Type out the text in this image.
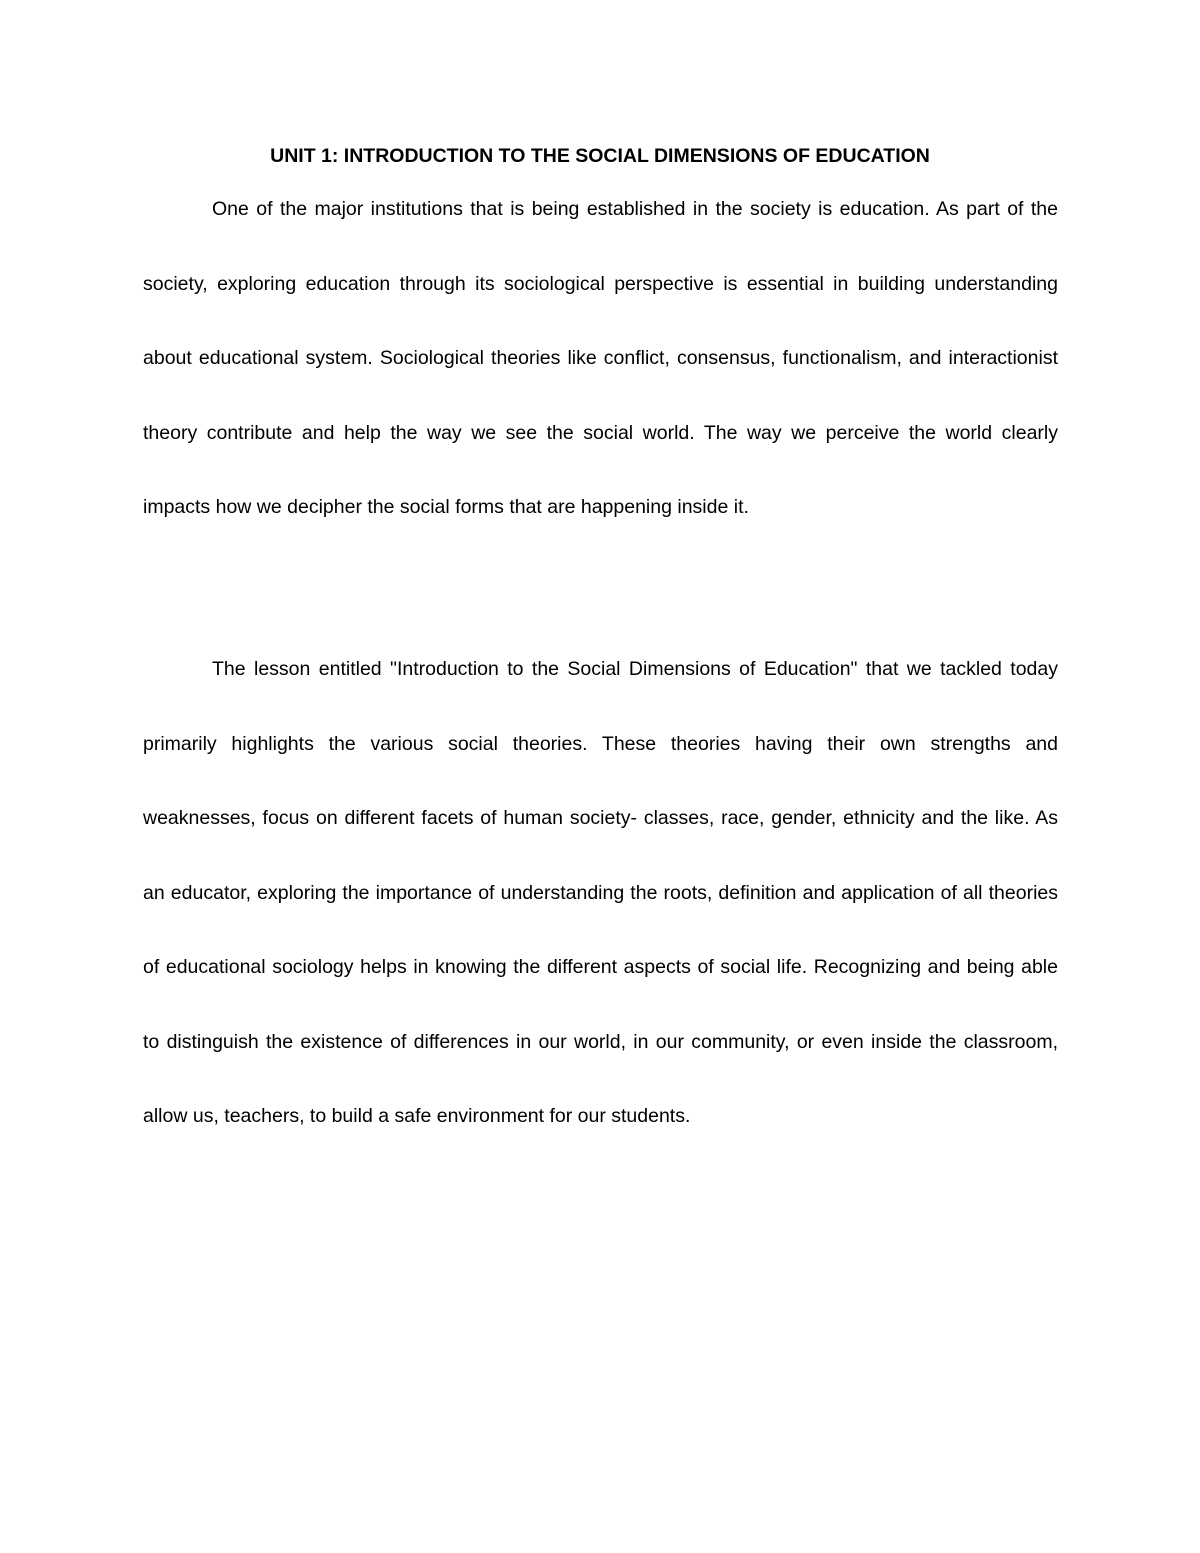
UNIT 1: INTRODUCTION TO THE SOCIAL DIMENSIONS OF EDUCATION

One of the major institutions that is being established in the society is education. As part of the society, exploring education through its sociological perspective is essential in building understanding about educational system. Sociological theories like conflict, consensus, functionalism, and interactionist theory contribute and help the way we see the social world. The way we perceive the world clearly impacts how we decipher the social forms that are happening inside it.

The lesson entitled "Introduction to the Social Dimensions of Education" that we tackled today primarily highlights the various social theories. These theories having their own strengths and weaknesses, focus on different facets of human society- classes, race, gender, ethnicity and the like. As an educator, exploring the importance of understanding the roots, definition and application of all theories of educational sociology helps in knowing the different aspects of social life. Recognizing and being able to distinguish the existence of differences in our world, in our community, or even inside the classroom, allow us, teachers, to build a safe environment for our students.
